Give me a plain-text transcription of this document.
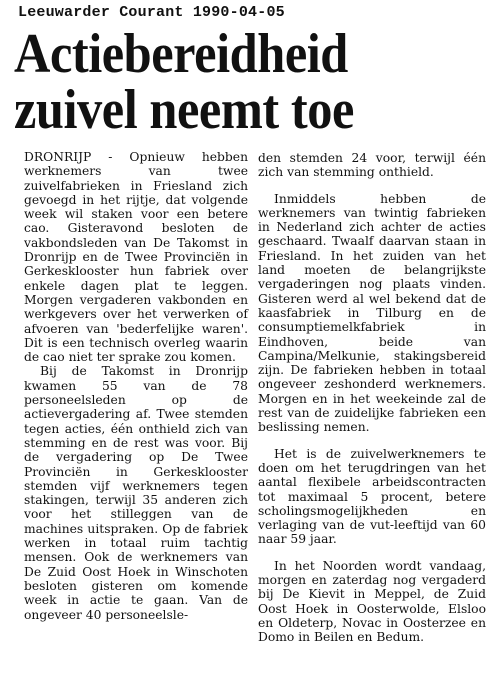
Leeuwarder Courant 1990-04-05
Actiebereidheid
zuivel neemt toe

DRONRIJP - Opnieuw hebben werknemers van twee zuivelfabrieken in Friesland zich gevoegd in het rijtje, dat volgende week wil staken voor een betere cao. Gisteravond besloten de vakbondsleden van De Takomst in Dronrijp en de Twee Provinciën in Gerkesklooster hun fabriek over enkele dagen plat te leggen. Morgen vergaderen vakbonden en werkgevers over het verwerken of afvoeren van 'bederfelijke waren'. Dit is een technisch overleg waarin de cao niet ter sprake zou komen.

Bij de Takomst in Dronrijp kwamen 55 van de 78 personeelsleden op de actievergadering af. Twee stemden tegen acties, één onthield zich van stemming en de rest was voor. Bij de vergadering op De Twee Provinciën in Gerkesklooster stemden vijf werknemers tegen stakingen, terwijl 35 anderen zich voor het stilleggen van de machines uitspraken. Op de fabriek werken in totaal ruim tachtig mensen. Ook de werknemers van De Zuid Oost Hoek in Winschoten besloten gisteren om komende week in actie te gaan. Van de ongeveer 40 personeelsle-

den stemden 24 voor, terwijl één zich van stemming onthield.

Inmiddels hebben de werknemers van twintig fabrieken in Nederland zich achter de acties geschaard. Twaalf daarvan staan in Friesland. In het zuiden van het land moeten de belangrijkste vergaderingen nog plaats vinden. Gisteren werd al wel bekend dat de kaasfabriek in Tilburg en de consumptiemelkfabriek in Eindhoven, beide van Campina/Melkunie, stakingsbereid zijn. De fabrieken hebben in totaal ongeveer zeshonderd werknemers. Morgen en in het weekeinde zal de rest van de zuidelijke fabrieken een beslissing nemen.

Het is de zuivelwerknemers te doen om het terugdringen van het aantal flexibele arbeidscontracten tot maximaal 5 procent, betere scholingsmogelijkheden en verlaging van de vut-leeftijd van 60 naar 59 jaar.

In het Noorden wordt vandaag, morgen en zaterdag nog vergaderd bij De Kievit in Meppel, de Zuid Oost Hoek in Oosterwolde, Elsloo en Oldeterp, Novac in Oosterzee en Domo in Beilen en Bedum.
